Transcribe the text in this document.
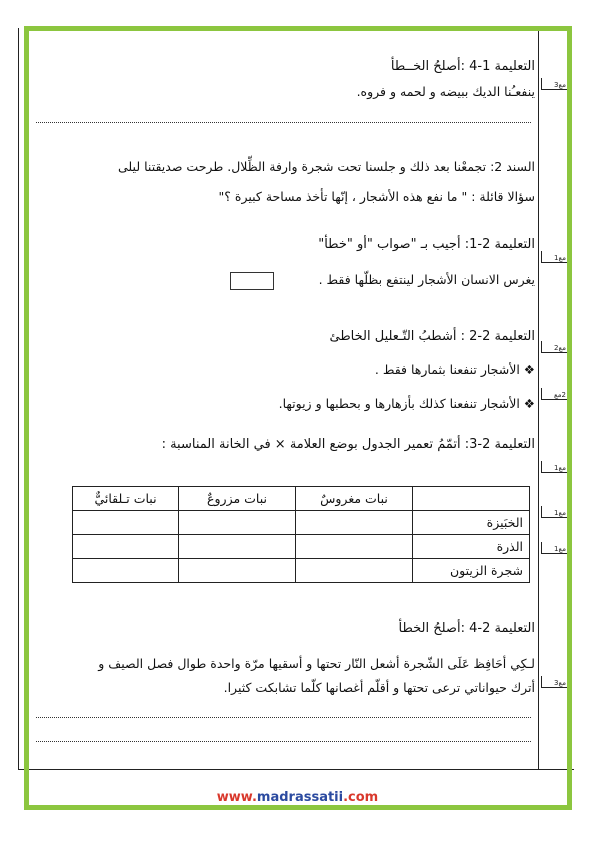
التعليمة 1-4 :أصلحُ الخــطأ
ينفعـُنا الديك ببيضه و لحمه و فروه.
السند 2: تجمعْنا بعد ذلك و جلسنا تحت شجرة وارفة الظِّلال. طرحت صديقتنا ليلى
سؤالا قائلة : " ما نفع هذه الأشجار ، إنّها تأخذ مساحة كبيرة ؟"
التعليمة 2-1: أجيب بـ "صواب "أو "خطأ"
يغرس الانسان الأشجار لينتفع بظلّها فقط .
التعليمة 2-2 : أشطبُ التّـعليل الخاطئ
❖ الأشجار تنفعنا بثمارها فقط .
❖ الأشجار تنفعنا كذلك بأزهارها و بحطبها و زيوتها.
التعليمة 2-3: أتمّمُ تعمير الجدول بوضع العلامة × في الخانة المناسبة :
	نبات مغروسٌ	نبات مزروعٌ	نبات تـلقائيٌّ
الخبَيزة			
الذرة			
شجرة الزيتون			
التعليمة 2-4 :أصلحُ الخطأ
لـكِي أحَافِظ عَلَى الشّجرة أشعل النّار تحتها و أسقيها مرّة واحدة طوال فصل الصيف و
أترك حيواناتي ترعى تحتها و أقلّم أغصانها كلّما تشابكت كثيرا.
مع3
مع1
مع2
2مع
مع1
مع1
مع1
مع3
www.madrassatii.com
